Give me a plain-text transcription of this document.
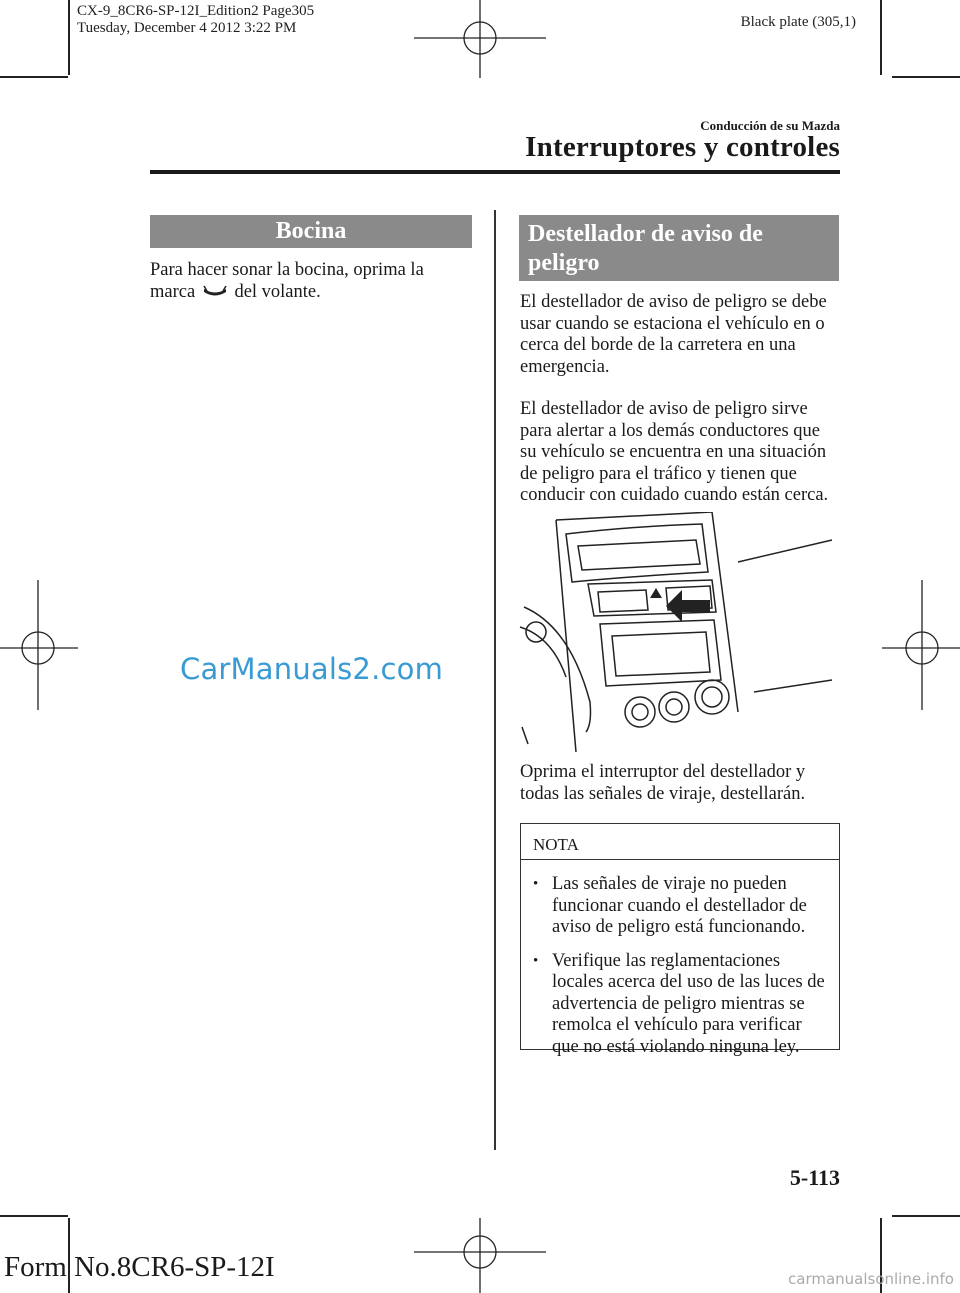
CX-9_8CR6-SP-12I_Edition2 Page305
Tuesday, December 4 2012 3:22 PM	Black plate (305,1)
Conducción de su Mazda
Interruptores y controles
Bocina
Para hacer sonar la bocina, oprima la marca del volante.
CarManuals2.com
Destellador de aviso de peligro

El destellador de aviso de peligro se debe usar cuando se estaciona el vehículo en o cerca del borde de la carretera en una emergencia.

El destellador de aviso de peligro sirve para alertar a los demás conductores que su vehículo se encuentra en una situación de peligro para el tráfico y tienen que conducir con cuidado cuando están cerca.

Oprima el interruptor del destellador y todas las señales de viraje, destellarán.
NOTA
• Las señales de viraje no pueden funcionar cuando el destellador de aviso de peligro está funcionando.
• Verifique las reglamentaciones locales acerca del uso de las luces de advertencia de peligro mientras se remolca el vehículo para verificar que no está violando ninguna ley.
5-113
Form No.8CR6-SP-12I	carmanualsonline.info
